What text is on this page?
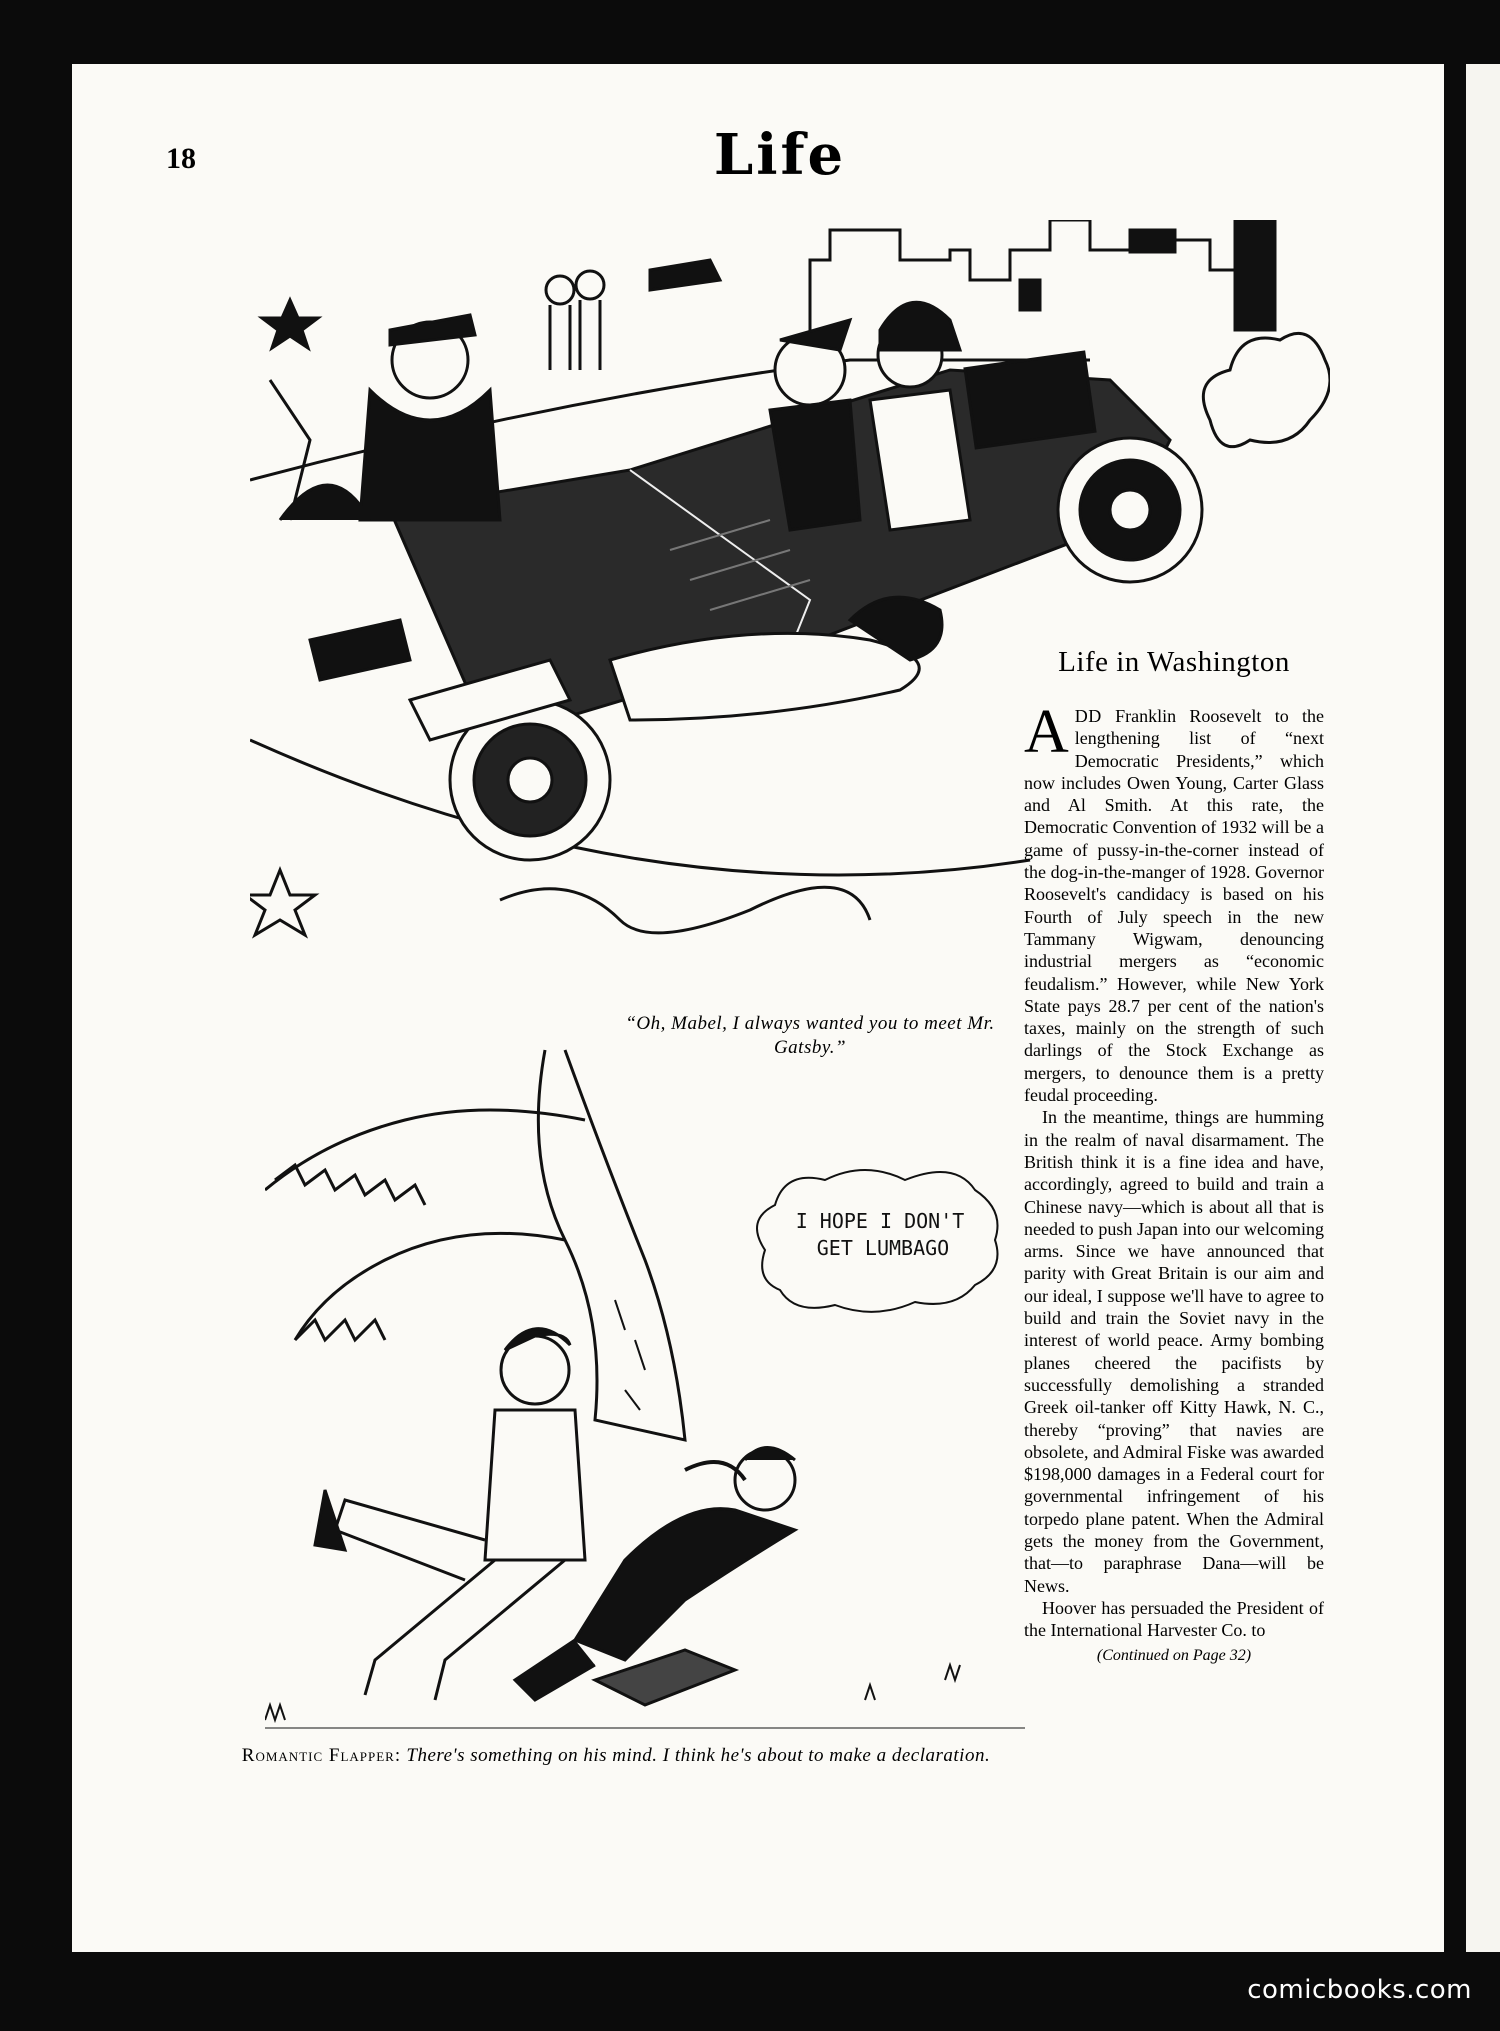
18	Life
“Oh, Mabel, I always wanted you to meet Mr. Gatsby.”
I HOPE I DON'T
GET LUMBAGO
Romantic Flapper: There's something on his mind. I think he's about to make a declaration.
Life in Washington

ADD Franklin Roosevelt to the lengthening list of “next Democratic Presidents,” which now includes Owen Young, Carter Glass and Al Smith. At this rate, the Democratic Convention of 1932 will be a game of pussy-in-the-corner instead of the dog-in-the-manger of 1928. Governor Roosevelt's candidacy is based on his Fourth of July speech in the new Tammany Wigwam, denouncing industrial mergers as “economic feudalism.” However, while New York State pays 28.7 per cent of the nation's taxes, mainly on the strength of such darlings of the Stock Exchange as mergers, to denounce them is a pretty feudal proceeding.

In the meantime, things are humming in the realm of naval disarmament. The British think it is a fine idea and have, accordingly, agreed to build and train a Chinese navy—which is about all that is needed to push Japan into our welcoming arms. Since we have announced that parity with Great Britain is our aim and our ideal, I suppose we'll have to agree to build and train the Soviet navy in the interest of world peace. Army bombing planes cheered the pacifists by successfully demolishing a stranded Greek oil-tanker off Kitty Hawk, N. C., thereby “proving” that navies are obsolete, and Admiral Fiske was awarded $198,000 damages in a Federal court for governmental infringement of his torpedo plane patent. When the Admiral gets the money from the Government, that—to paraphrase Dana—will be News.

Hoover has persuaded the President of the International Harvester Co. to

(Continued on Page 32)
comicbooks.com
